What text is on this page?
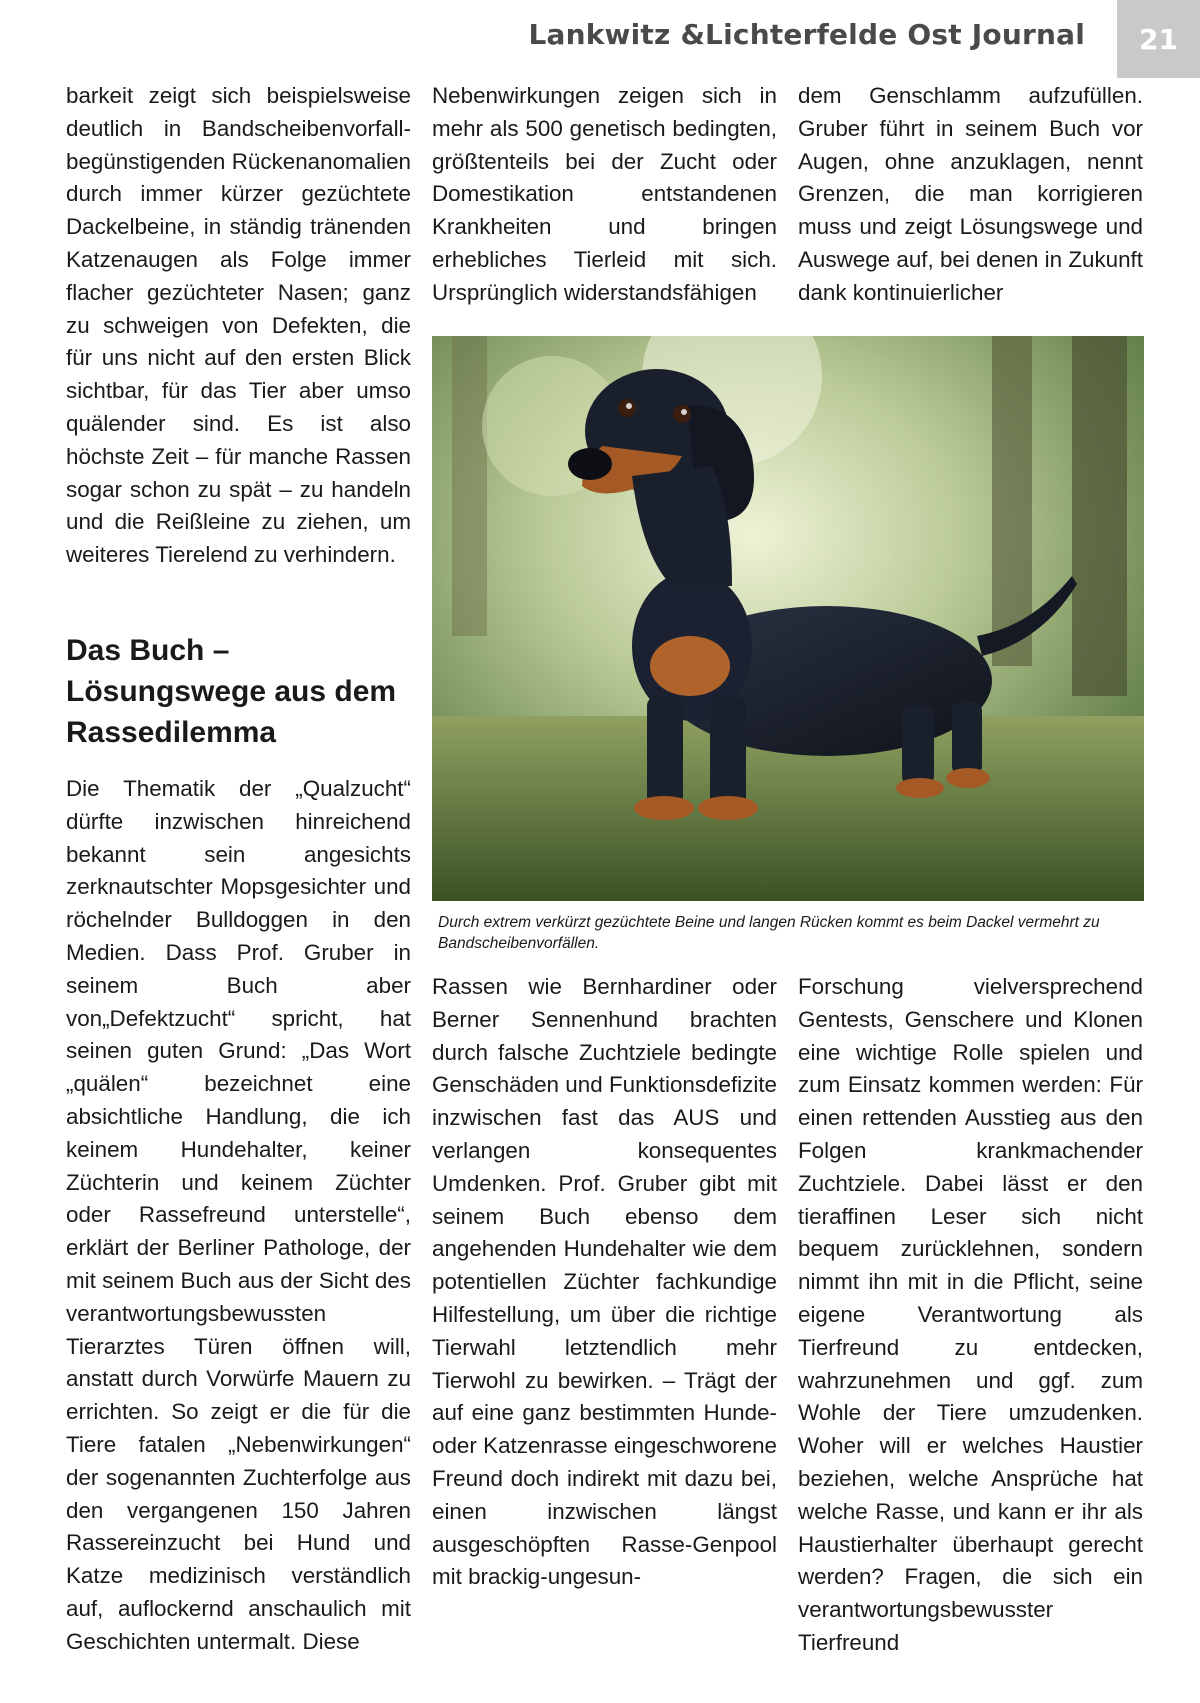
Lankwitz &Lichterfelde Ost Journal	21

barkeit zeigt sich beispielsweise deutlich in Bandscheibenvorfall-begünstigenden Rückenanomalien durch immer kürzer gezüchtete Dackelbeine, in ständig tränenden Katzenaugen als Folge immer flacher gezüchteter Nasen; ganz zu schweigen von Defekten, die für uns nicht auf den ersten Blick sichtbar, für das Tier aber umso quälender sind. Es ist also höchste Zeit – für manche Rassen sogar schon zu spät – zu handeln und die Reißleine zu ziehen, um weiteres Tierelend zu verhindern.

Das Buch – Lösungswege aus dem Rassedilemma

Die Thematik der „Qualzucht“ dürfte inzwischen hinreichend bekannt sein angesichts zerknautschter Mopsgesichter und röchelnder Bulldoggen in den Medien. Dass Prof. Gruber in seinem Buch aber von„Defektzucht“ spricht, hat seinen guten Grund: „Das Wort „quälen“ bezeichnet eine absichtliche Handlung, die ich keinem Hundehalter, keiner Züchterin und keinem Züchter oder Rassefreund unterstelle“, erklärt der Berliner Pathologe, der mit seinem Buch aus der Sicht des verantwortungsbewussten Tierarztes Türen öffnen will, anstatt durch Vorwürfe Mauern zu errichten. So zeigt er die für die Tiere fatalen „Nebenwirkungen“ der sogenannten Zuchterfolge aus den vergangenen 150 Jahren Rassereinzucht bei Hund und Katze medizinisch verständlich auf, auflockernd anschaulich mit Geschichten untermalt. Diese

Nebenwirkungen zeigen sich in mehr als 500 genetisch bedingten, größtenteils bei der Zucht oder Domestikation entstandenen Krankheiten und bringen erhebliches Tierleid mit sich. Ursprünglich widerstandsfähigen

dem Genschlamm aufzufüllen. Gruber führt in seinem Buch vor Augen, ohne anzuklagen, nennt Grenzen, die man korrigieren muss und zeigt Lösungswege und Auswege auf, bei denen in Zukunft dank kontinuierlicher

Durch extrem verkürzt gezüchtete Beine und langen Rücken kommt es beim Dackel vermehrt zu Bandscheibenvorfällen.

Rassen wie Bernhardiner oder Berner Sennenhund brachten durch falsche Zuchtziele bedingte Genschäden und Funktionsdefizite inzwischen fast das AUS und verlangen konsequentes Umdenken. Prof. Gruber gibt mit seinem Buch ebenso dem angehenden Hundehalter wie dem potentiellen Züchter fachkundige Hilfestellung, um über die richtige Tierwahl letztendlich mehr Tierwohl zu bewirken. – Trägt der auf eine ganz bestimmten Hunde- oder Katzenrasse eingeschworene Freund doch indirekt mit dazu bei, einen inzwischen längst ausgeschöpften Rasse-Genpool mit brackig-ungesun-

Forschung vielversprechend Gentests, Genschere und Klonen eine wichtige Rolle spielen und zum Einsatz kommen werden: Für einen rettenden Ausstieg aus den Folgen krankmachender Zuchtziele. Dabei lässt er den tieraffinen Leser sich nicht bequem zurücklehnen, sondern nimmt ihn mit in die Pflicht, seine eigene Verantwortung als Tierfreund zu entdecken, wahrzunehmen und ggf. zum Wohle der Tiere umzudenken. Woher will er welches Haustier beziehen, welche Ansprüche hat welche Rasse, und kann er ihr als Haustierhalter überhaupt gerecht werden? Fragen, die sich ein verantwortungsbewusster Tierfreund
